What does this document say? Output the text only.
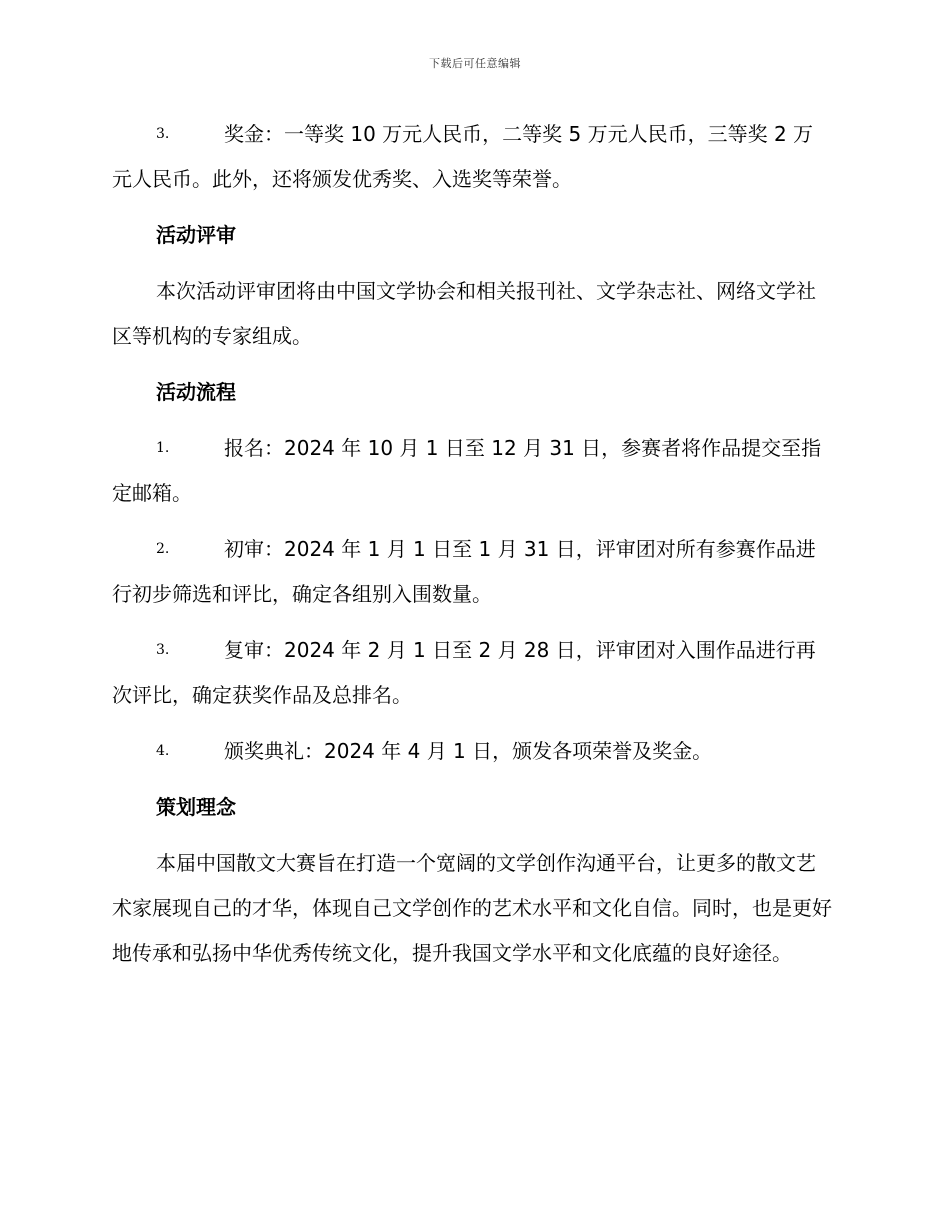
下载后可任意编辑

3.	奖金：一等奖 10 万元人民币，二等奖 5 万元人民币，三等奖 2 万元人民币。此外，还将颁发优秀奖、入选奖等荣誉。

活动评审

本次活动评审团将由中国文学协会和相关报刊社、文学杂志社、网络文学社区等机构的专家组成。

活动流程

1.	报名：2024 年 10 月 1 日至 12 月 31 日，参赛者将作品提交至指定邮箱。

2.	初审：2024 年 1 月 1 日至 1 月 31 日，评审团对所有参赛作品进行初步筛选和评比，确定各组别入围数量。

3.	复审：2024 年 2 月 1 日至 2 月 28 日，评审团对入围作品进行再次评比，确定获奖作品及总排名。

4.	颁奖典礼：2024 年 4 月 1 日，颁发各项荣誉及奖金。

策划理念

本届中国散文大赛旨在打造一个宽阔的文学创作沟通平台，让更多的散文艺术家展现自己的才华，体现自己文学创作的艺术水平和文化自信。同时，也是更好地传承和弘扬中华优秀传统文化，提升我国文学水平和文化底蕴的良好途径。
